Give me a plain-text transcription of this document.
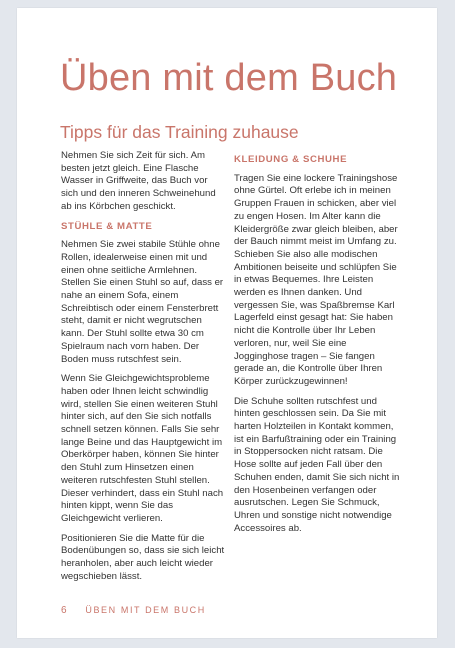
Üben mit dem Buch
Tipps für das Training zuhause

Nehmen Sie sich Zeit für sich. Am besten jetzt gleich. Eine Flasche Wasser in Griffweite, das Buch vor sich und den inneren Schweinehund ab ins Körbchen geschickt.

STÜHLE & MATTE

Nehmen Sie zwei stabile Stühle ohne Rollen, idealerweise einen mit und einen ohne seitliche Armlehnen. Stellen Sie einen Stuhl so auf, dass er nahe an einem Sofa, einem Schreibtisch oder einem Fensterbrett steht, damit er nicht wegrutschen kann. Der Stuhl sollte etwa 30 cm Spielraum nach vorn haben. Der Boden muss rutschfest sein.

Wenn Sie Gleichgewichtsprobleme haben oder Ihnen leicht schwindlig wird, stellen Sie einen weiteren Stuhl hinter sich, auf den Sie sich notfalls schnell setzen können. Falls Sie sehr lange Beine und das Hauptgewicht im Oberkörper haben, können Sie hinter den Stuhl zum Hinsetzen einen weiteren rutschfesten Stuhl stellen. Dieser verhindert, dass ein Stuhl nach hinten kippt, wenn Sie das Gleichgewicht verlieren.

Positionieren Sie die Matte für die Bodenübungen so, dass sie sich leicht heranholen, aber auch leicht wieder wegschieben lässt.

KLEIDUNG & SCHUHE

Tragen Sie eine lockere Trainingshose ohne Gürtel. Oft erlebe ich in meinen Gruppen Frauen in schicken, aber viel zu engen Hosen. Im Alter kann die Kleidergröße zwar gleich bleiben, aber der Bauch nimmt meist im Umfang zu. Schieben Sie also alle modischen Ambitionen beiseite und schlüpfen Sie in etwas Bequemes. Ihre Leisten werden es Ihnen danken. Und vergessen Sie, was Spaßbremse Karl Lagerfeld einst gesagt hat: Sie haben nicht die Kontrolle über Ihr Leben verloren, nur, weil Sie eine Jogginghose tragen – Sie fangen gerade an, die Kontrolle über Ihren Körper zurückzugewinnen!

Die Schuhe sollten rutschfest und hinten geschlossen sein. Da Sie mit harten Holzteilen in Kontakt kommen, ist ein Barfußtraining oder ein Training in Stoppersocken nicht ratsam. Die Hose sollte auf jeden Fall über den Schuhen enden, damit Sie sich nicht in den Hosenbeinen verfangen oder ausrutschen. Legen Sie Schmuck, Uhren und sonstige nicht notwendige Accessoires ab.

6 ÜBEN MIT DEM BUCH
